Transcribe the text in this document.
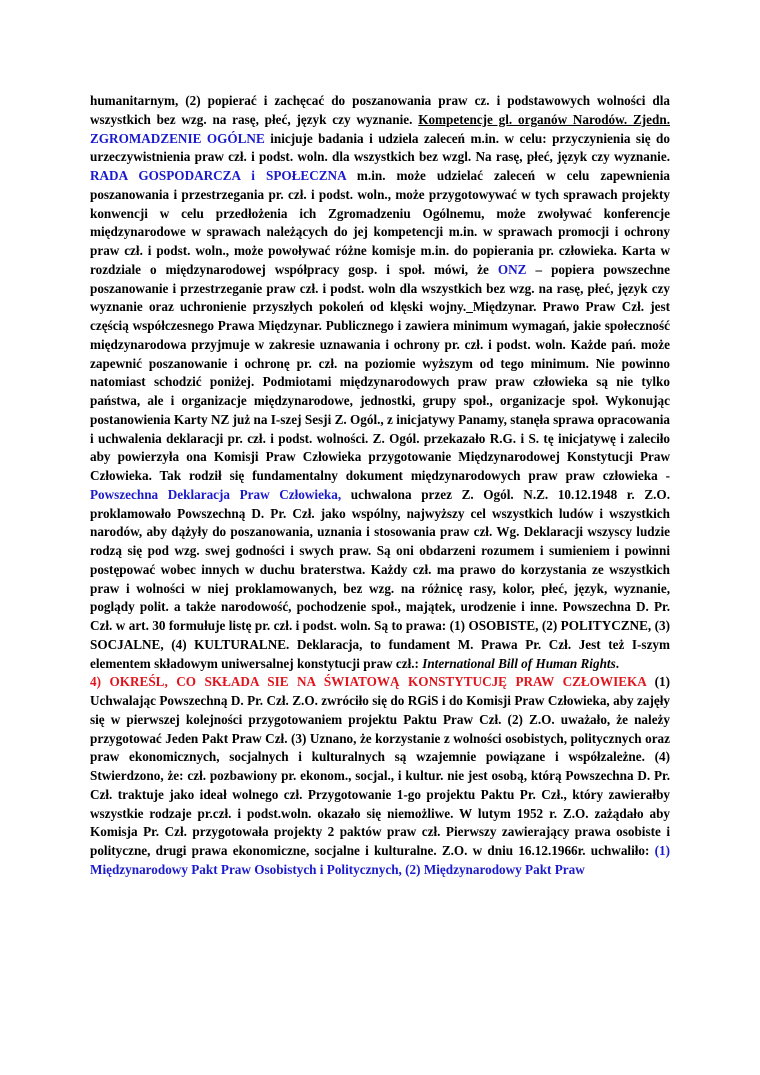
humanitarnym, (2) popierać i zachęcać do poszanowania praw cz. i podstawowych wolności dla wszystkich bez wzg. na rasę, płeć, język czy wyznanie. Kompetencje gl. organów Narodów. Zjedn. ZGROMADZENIE OGÓLNE inicjuje badania i udziela zaleceń m.in. w celu: przyczynienia się do urzeczywistnienia praw czł. i podst. woln. dla wszystkich bez wzgl. Na rasę, płeć, język czy wyznanie. RADA GOSPODARCZA i SPOŁECZNA m.in. może udzielać zaleceń w celu zapewnienia poszanowania i przestrzegania pr. czł. i podst. woln., może przygotowywać w tych sprawach projekty konwencji w celu przedłożenia ich Zgromadzeniu Ogólnemu, może zwoływać konferencje międzynarodowe w sprawach należących do jej kompetencji m.in. w sprawach promocji i ochrony praw czł. i podst. woln., może powoływać różne komisje m.in. do popierania pr. człowieka. Karta w rozdziale o międzynarodowej współpracy gosp. i społ. mówi, że ONZ – popiera powszechne poszanowanie i przestrzeganie praw czł. i podst. woln dla wszystkich bez wzg. na rasę, płeć, język czy wyznanie oraz uchronienie przyszłych pokoleń od klęski wojny._Międzynar. Prawo Praw Czł. jest częścią współczesnego Prawa Międzynar. Publicznego i zawiera minimum wymagań, jakie społeczność międzynarodowa przyjmuje w zakresie uznawania i ochrony pr. czł. i podst. woln. Każde pań. może zapewnić poszanowanie i ochronę pr. czł. na poziomie wyższym od tego minimum. Nie powinno natomiast schodzić poniżej. Podmiotami międzynarodowych praw praw człowieka są nie tylko państwa, ale i organizacje międzynarodowe, jednostki, grupy społ., organizacje społ. Wykonując postanowienia Karty NZ już na I-szej Sesji Z. Ogól., z inicjatywy Panamy, stanęła sprawa opracowania i uchwalenia deklaracji pr. czł. i podst. wolności. Z. Ogól. przekazało R.G. i S. tę inicjatywę i zaleciło aby powierzyła ona Komisji Praw Człowieka przygotowanie Międzynarodowej Konstytucji Praw Człowieka. Tak rodził się fundamentalny dokument międzynarodowych praw praw człowieka - Powszechna Deklaracja Praw Człowieka, uchwalona przez Z. Ogól. N.Z. 10.12.1948 r. Z.O. proklamowało Powszechną D. Pr. Czł. jako wspólny, najwyższy cel wszystkich ludów i wszystkich narodów, aby dążyły do poszanowania, uznania i stosowania praw czł. Wg. Deklaracji wszyscy ludzie rodzą się pod wzg. swej godności i swych praw. Są oni obdarzeni rozumem i sumieniem i powinni postępować wobec innych w duchu braterstwa. Każdy czł. ma prawo do korzystania ze wszystkich praw i wolności w niej proklamowanych, bez wzg. na różnicę rasy, kolor, płeć, język, wyznanie, poglądy polit. a także narodowość, pochodzenie społ., majątek, urodzenie i inne. Powszechna D. Pr. Czł. w art. 30 formułuje listę pr. czł. i podst. woln. Są to prawa: (1) OSOBISTE, (2) POLITYCZNE, (3) SOCJALNE, (4) KULTURALNE. Deklaracja, to fundament M. Prawa Pr. Czł. Jest też I-szym elementem składowym uniwersalnej konstytucji praw czł.: International Bill of Human Rights.

4) OKREŚL, CO SKŁADA SIE NA ŚWIATOWĄ KONSTYTUCJĘ PRAW CZŁOWIEKA (1) Uchwalając Powszechną D. Pr. Czł. Z.O. zwróciło się do RGiS i do Komisji Praw Człowieka, aby zajęły się w pierwszej kolejności przygotowaniem projektu Paktu Praw Czł. (2) Z.O. uważało, że należy przygotować Jeden Pakt Praw Czł. (3) Uznano, że korzystanie z wolności osobistych, politycznych oraz praw ekonomicznych, socjalnych i kulturalnych są wzajemnie powiązane i współzależne. (4) Stwierdzono, że: czł. pozbawiony pr. ekonom., socjal., i kultur. nie jest osobą, którą Powszechna D. Pr. Czł. traktuje jako ideał wolnego czł. Przygotowanie 1-go projektu Paktu Pr. Czł., który zawierałby wszystkie rodzaje pr.czł. i podst.woln. okazało się niemożliwe. W lutym 1952 r. Z.O. zażądało aby Komisja Pr. Czł. przygotowała projekty 2 paktów praw czł. Pierwszy zawierający prawa osobiste i polityczne, drugi prawa ekonomiczne, socjalne i kulturalne. Z.O. w dniu 16.12.1966r. uchwaliło: (1) Międzynarodowy Pakt Praw Osobistych i Politycznych, (2) Międzynarodowy Pakt Praw
